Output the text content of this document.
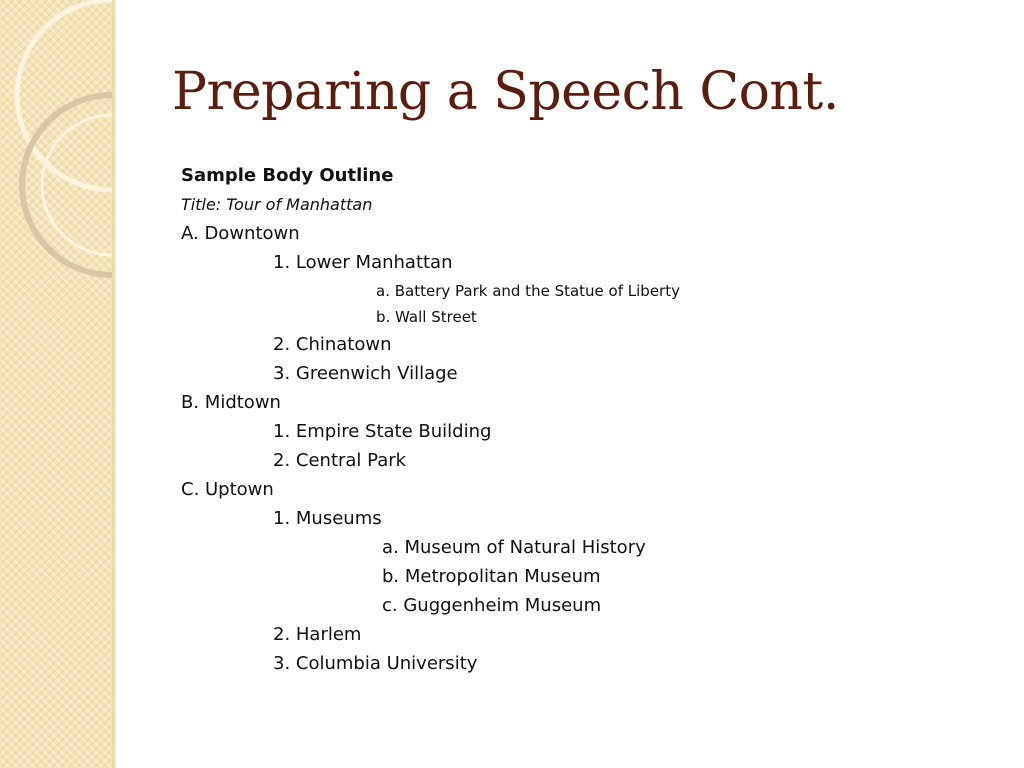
Preparing a Speech Cont.
Sample Body Outline
Title: Tour of Manhattan
A. Downtown
1. Lower Manhattan
a. Battery Park and the Statue of Liberty
b. Wall Street
2. Chinatown
3. Greenwich Village
B. Midtown
1. Empire State Building
2. Central Park
C. Uptown
1. Museums
a. Museum of Natural History
b. Metropolitan Museum
c. Guggenheim Museum
2. Harlem
3. Columbia University
